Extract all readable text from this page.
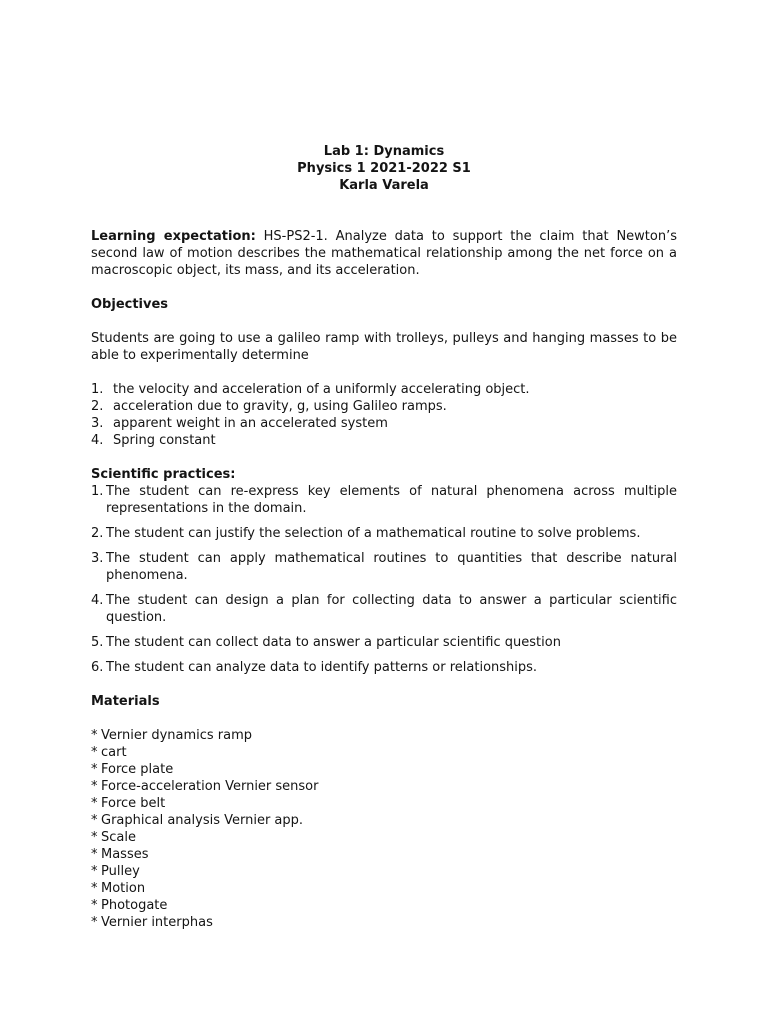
Lab 1: Dynamics
Physics 1 2021-2022 S1
Karla Varela

Learning expectation: HS-PS2-1. Analyze data to support the claim that Newton’s second law of motion describes the mathematical relationship among the net force on a macroscopic object, its mass, and its acceleration.

Objectives

Students are going to use a galileo ramp with trolleys, pulleys and hanging masses to be able to experimentally determine

1. the velocity and acceleration of a uniformly accelerating object.
2. acceleration due to gravity, g, using Galileo ramps.
3. apparent weight in an accelerated system
4. Spring constant

Scientific practices:

1. The student can re-express key elements of natural phenomena across multiple representations in the domain.
2. The student can justify the selection of a mathematical routine to solve problems.
3. The student can apply mathematical routines to quantities that describe natural phenomena.
4. The student can design a plan for collecting data to answer a particular scientific question.
5. The student can collect data to answer a particular scientific question
6. The student can analyze data to identify patterns or relationships.

Materials

* Vernier dynamics ramp
* cart
* Force plate
* Force-acceleration Vernier sensor
* Force belt
* Graphical analysis Vernier app.
* Scale
* Masses
* Pulley
* Motion
* Photogate
* Vernier interphas
